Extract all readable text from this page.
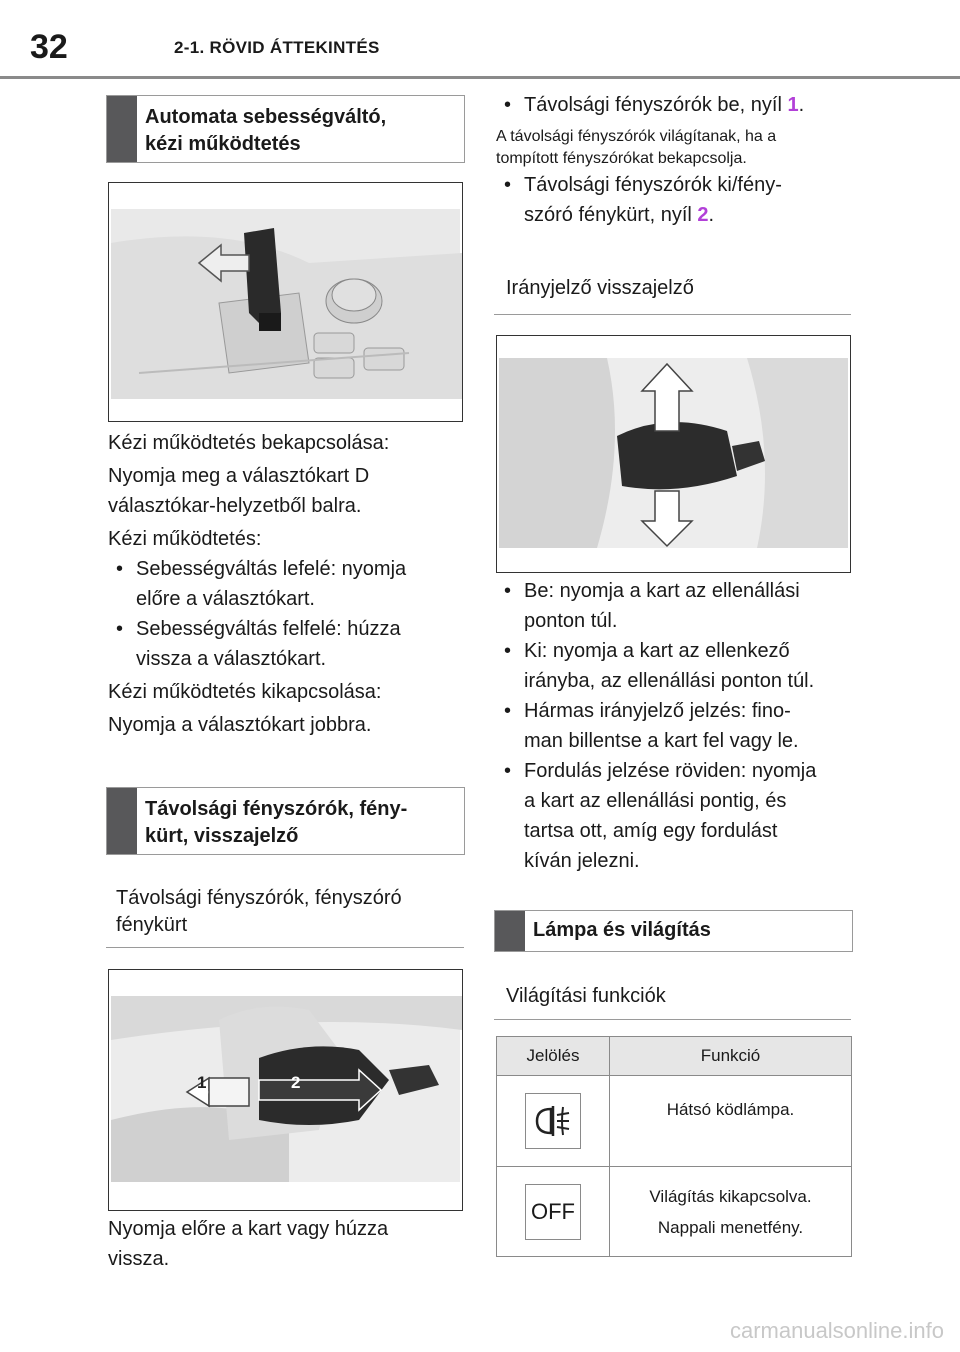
32	2-1. RÖVID ÁTTEKINTÉS
Automata sebességváltó,
kézi működtetés
Kézi működtetés bekapcsolása:
Nyomja meg a választókart D
választókar-helyzetből balra.
Kézi működtetés:
• Sebességváltás lefelé: nyomja
előre a választókart.
• Sebességváltás felfelé: húzza
vissza a választókart.
Kézi működtetés kikapcsolása:
Nyomja a választókart jobbra.
Távolsági fényszórók, fény-
kürt, visszajelző
Távolsági fényszórók, fényszóró
fénykürt
1	2
Nyomja előre a kart vagy húzza
vissza.
• Távolsági fényszórók be, nyíl 1.
A távolsági fényszórók világítanak, ha a
tompított fényszórókat bekapcsolja.
• Távolsági fényszórók ki/fény-
szóró fénykürt, nyíl 2.
Irányjelző visszajelző
• Be: nyomja a kart az ellenállási
ponton túl.
• Ki: nyomja a kart az ellenkező
irányba, az ellenállási ponton túl.
• Hármas irányjelző jelzés: fino-
man billentse a kart fel vagy le.
• Fordulás jelzése röviden: nyomja
a kart az ellenállási pontig, és
tartsa ott, amíg egy fordulást
kíván jelezni.
Lámpa és világítás
Világítási funkciók
Jelölés	Funkció

	Hátsó ködlámpa.
OFF	Világítás kikapcsolva.
Nappali menetfény.
carmanualsonline.info
